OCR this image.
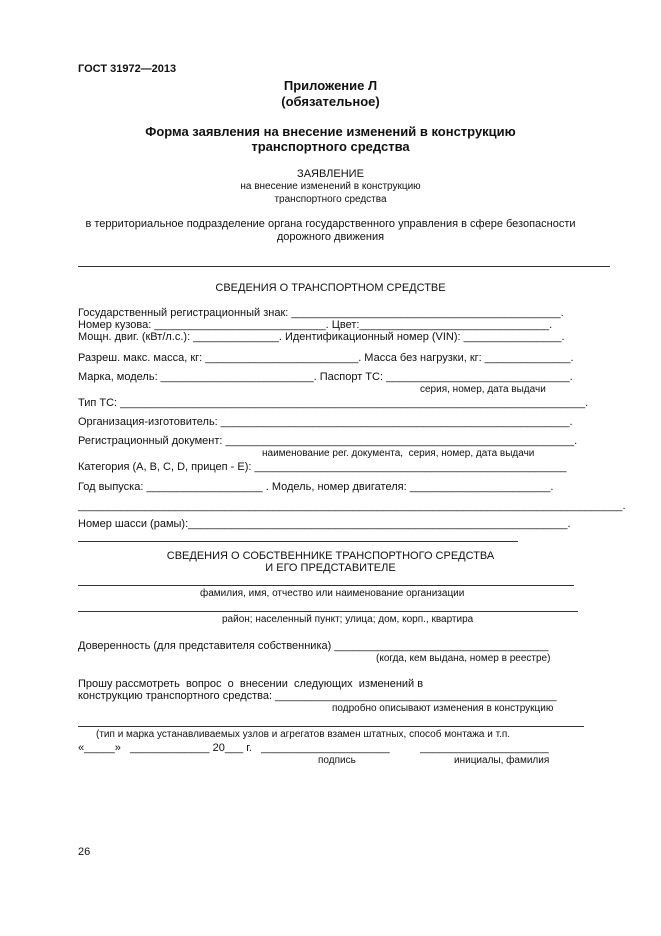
ГОСТ 31972—2013
Приложение Л
(обязательное)
Форма заявления на внесение изменений в конструкцию
транспортного средства
ЗАЯВЛЕНИЕ
на внесение изменений в конструкцию
транспортного средства
в территориальное подразделение органа государственного управления в сфере безопасности
дорожного движения
СВЕДЕНИЯ О ТРАНСПОРТНОМ СРЕДСТВЕ
Государственный регистрационный знак: ____________________________________________.
Номер кузова: ____________________________. Цвет:_______________________________.
Мощн. двиг. (кВт/л.с.): ______________. Идентификационный номер (VIN): ________________.
Разреш. макс. масса, кг: _________________________. Масса без нагрузки, кг: ______________.
Марка, модель: _________________________. Паспорт ТС: ______________________________.
серия, номер, дата выдачи
Тип ТС: ____________________________________________________________________________.
Организация-изготовитель: _________________________________________________________.
Регистрационный документ: _________________________________________________________.
наименование рег. документа,  серия, номер, дата выдачи
Категория (A, B, C, D, прицеп - E): ___________________________________________________
Год выпуска: ___________________ . Модель, номер двигателя: _______________________.
_________________________________________________________________________________________.
Номер шасси (рамы):______________________________________________________________.
СВЕДЕНИЯ О СОБСТВЕННИКЕ ТРАНСПОРТНОГО СРЕДСТВА
И ЕГО ПРЕДСТАВИТЕЛЕ
фамилия, имя, отчество или наименование организации
район; населенный пункт; улица; дом, корп., квартира
Доверенность (для представителя собственника) ___________________________________
(когда, кем выдана, номер в реестре)
Прошу рассмотреть  вопрос  о  внесении  следующих  изменений в
конструкцию транспортного средства: ______________________________________________
подробно описывают изменения в конструкцию
(тип и марка устанавливаемых узлов и агрегатов взамен штатных, способ монтажа и т.п.
«_____»   _____________ 20___ г.   _____________________          _____________________
подпись	инициалы, фамилия
26
